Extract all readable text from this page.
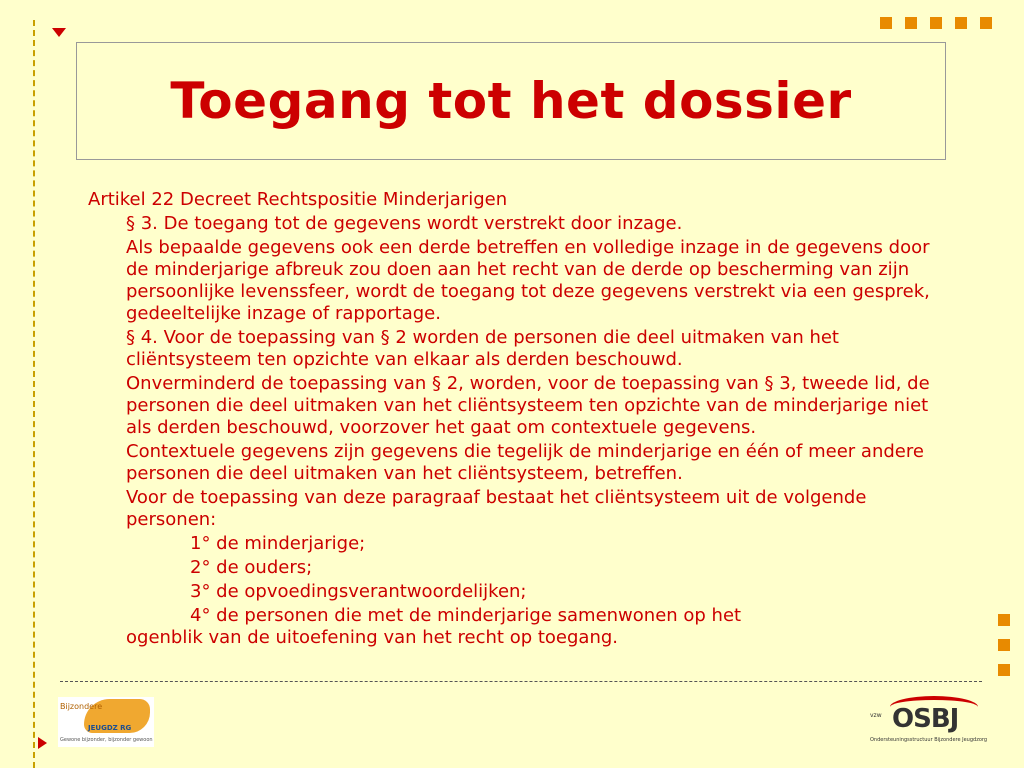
Toegang tot het dossier

Artikel 22 Decreet Rechtspositie Minderjarigen

§ 3. De toegang tot de gegevens wordt verstrekt door inzage.

Als bepaalde gegevens ook een derde betreffen en volledige inzage in de gegevens door de minderjarige afbreuk zou doen aan het recht van de derde op bescherming van zijn persoonlijke levenssfeer, wordt de toegang tot deze gegevens verstrekt via een gesprek, gedeeltelijke inzage of rapportage.

§ 4. Voor de toepassing van § 2 worden de personen die deel uitmaken van het cliëntsysteem ten opzichte van elkaar als derden beschouwd.

Onverminderd de toepassing van § 2, worden, voor de toepassing van § 3, tweede lid, de personen die deel uitmaken van het cliëntsysteem ten opzichte van de minderjarige niet als derden beschouwd, voorzover het gaat om contextuele gegevens.

Contextuele gegevens zijn gegevens die tegelijk de minderjarige en één of meer andere personen die deel uitmaken van het cliëntsysteem, betreffen.

Voor de toepassing van deze paragraaf bestaat het cliëntsysteem uit de volgende personen:

1° de minderjarige;

2° de ouders;

3° de opvoedingsverantwoordelijken;

4° de personen die met de minderjarige samenwonen op het

ogenblik van de uitoefening van het recht op toegang.

Bijzondere
JEUGDZ RG
Gewone bijzonder, bijzonder gewoon
vzw OSBJ
Ondersteuningsstructuur Bijzondere Jeugdzorg
